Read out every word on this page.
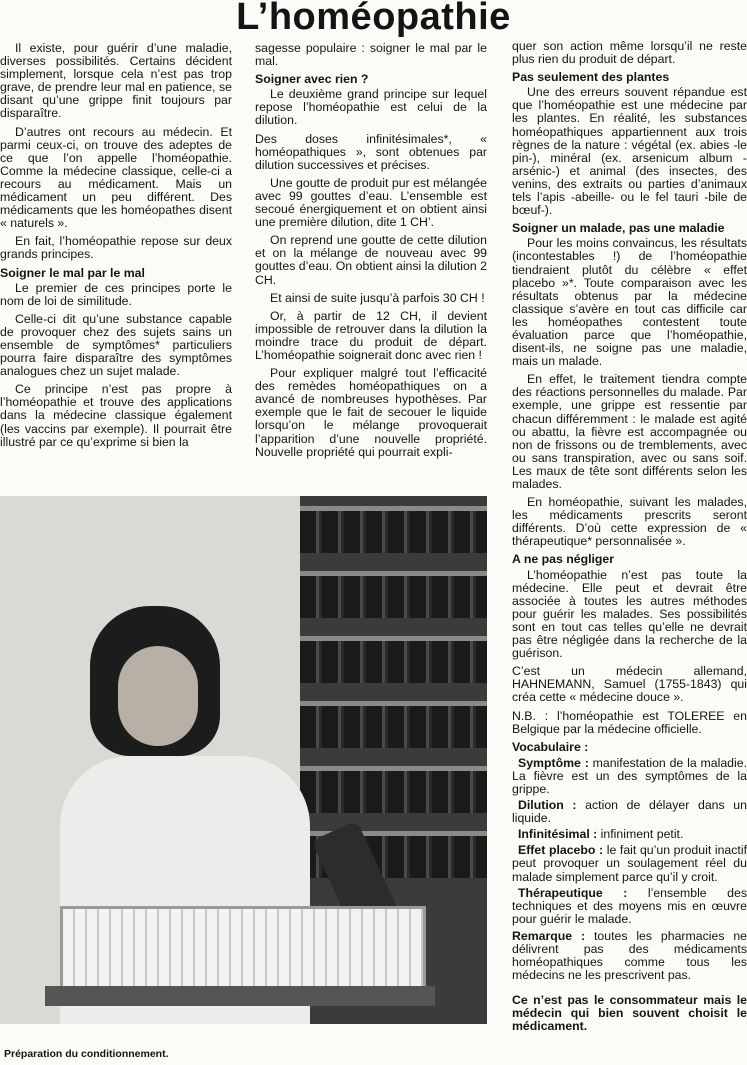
L’homéopathie

Il existe, pour guérir d’une maladie, diverses possibilités. Certains décident simplement, lorsque cela n’est pas trop grave, de prendre leur mal en patience, se disant qu’une grippe finit toujours par disparaître.

D’autres ont recours au médecin. Et parmi ceux-ci, on trouve des adeptes de ce que l’on appelle l’homéopathie. Comme la médecine classique, celle-ci a recours au médicament. Mais un médicament un peu différent. Des médicaments que les homéopathes disent « naturels ».

En fait, l’homéopathie repose sur deux grands principes.

Soigner le mal par le mal

Le premier de ces principes porte le nom de loi de similitude.

Celle-ci dit qu’une substance capable de provoquer chez des sujets sains un ensemble de symptômes* particuliers pourra faire disparaître des symptômes analogues chez un sujet malade.

Ce principe n’est pas propre à l’homéopathie et trouve des applications dans la médecine classique également (les vaccins par exemple). Il pourrait être illustré par ce qu’exprime si bien la

sagesse populaire : soigner le mal par le mal.

Soigner avec rien ?

Le deuxième grand principe sur lequel repose l’homéopathie est celui de la dilution.

Des doses infinitésimales*, « homéopathiques », sont obtenues par dilution successives et précises.

Une goutte de produit pur est mélangée avec 99 gouttes d’eau. L’ensemble est secoué énergiquement et on obtient ainsi une première dilution, dite 1 CH’.

On reprend une goutte de cette dilution et on la mélange de nouveau avec 99 gouttes d’eau. On obtient ainsi la dilution 2 CH.

Et ainsi de suite jusqu’à parfois 30 CH !

Or, à partir de 12 CH, il devient impossible de retrouver dans la dilution la moindre trace du produit de départ. L’homéopathie soignerait donc avec rien !

Pour expliquer malgré tout l’efficacité des remèdes homéopathiques on a avancé de nombreuses hypothèses. Par exemple que le fait de secouer le liquide lorsqu’on le mélange provoquerait l’apparition d’une nouvelle propriété. Nouvelle propriété qui pourrait expli-

quer son action même lorsqu’il ne reste plus rien du produit de départ.

Pas seulement des plantes

Une des erreurs souvent répandue est que l’homéopathie est une médecine par les plantes. En réalité, les substances homéopathiques appartiennent aux trois règnes de la nature : végétal (ex. abies -le pin-), minéral (ex. arsenicum album -arsénic-) et animal (des insectes, des venins, des extraits ou parties d’animaux tels l’apis -abeille- ou le fel tauri -bile de bœuf-).

Soigner un malade, pas une maladie

Pour les moins convaincus, les résultats (incontestables !) de l’homéopathie tiendraient plutôt du célèbre « effet placebo »*. Toute comparaison avec les résultats obtenus par la médecine classique s’avère en tout cas difficile car les homéopathes contestent toute évaluation parce que l’homéopathie, disent-ils, ne soigne pas une maladie, mais un malade.

En effet, le traitement tiendra compte des réactions personnelles du malade. Par exemple, une grippe est ressentie par chacun différemment : le malade est agité ou abattu, la fièvre est accompagnée ou non de frissons ou de tremblements, avec ou sans transpiration, avec ou sans soif. Les maux de tête sont différents selon les malades.

En homéopathie, suivant les malades, les médicaments prescrits seront différents. D’où cette expression de « thérapeutique* personnalisée ».

A ne pas négliger

L’homéopathie n’est pas toute la médecine. Elle peut et devrait être associée à toutes les autres méthodes pour guérir les malades. Ses possibilités sont en tout cas telles qu’elle ne devrait pas être négligée dans la recherche de la guérison.

C’est un médecin allemand, HAHNEMANN, Samuel (1755-1843) qui créa cette « médecine douce ».

N.B. : l’homéopathie est TOLEREE en Belgique par la médecine officielle.

Vocabulaire :

Symptôme : manifestation de la maladie. La fièvre est un des symptômes de la grippe.

Dilution : action de délayer dans un liquide.

Infinitésimal : infiniment petit.

Effet placebo : le fait qu’un produit inactif peut provoquer un soulagement réel du malade simplement parce qu’il y croit.

Thérapeutique : l’ensemble des techniques et des moyens mis en œuvre pour guérir le malade.

Remarque : toutes les pharmacies ne délivrent pas des médicaments homéopathiques comme tous les médecins ne les prescrivent pas.

Ce n’est pas le consommateur mais le médecin qui bien souvent choisit le médicament.

Préparation du conditionnement.
